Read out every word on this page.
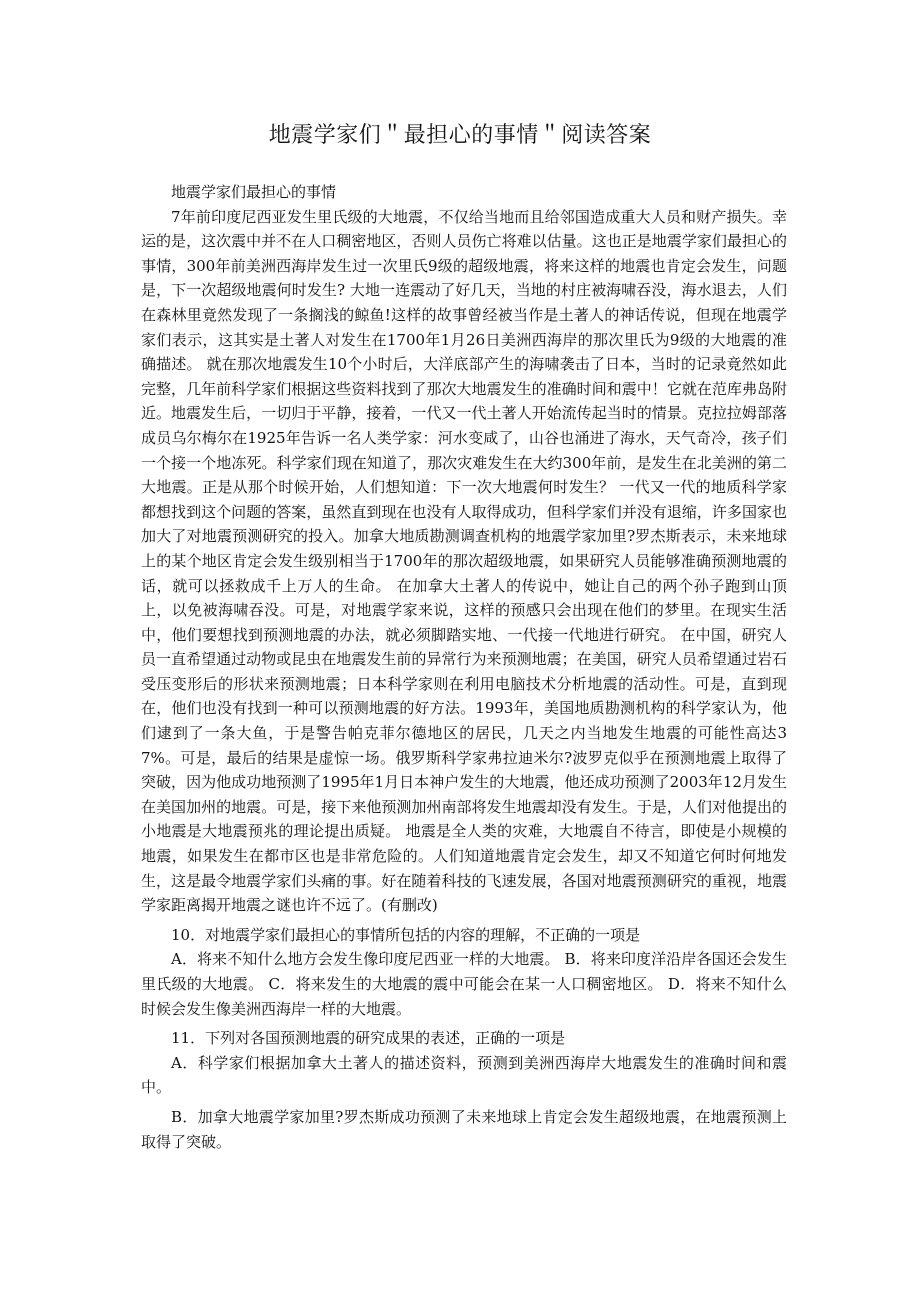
地震学家们＂最担心的事情＂阅读答案

地震学家们最担心的事情

7年前印度尼西亚发生里氏级的大地震，不仅给当地而且给邻国造成重大人员和财产损失。幸运的是，这次震中并不在人口稠密地区，否则人员伤亡将难以估量。这也正是地震学家们最担心的事情，300年前美洲西海岸发生过一次里氏9级的超级地震，将来这样的地震也肯定会发生，问题是，下一次超级地震何时发生? 大地一连震动了好几天，当地的村庄被海啸吞没，海水退去，人们在森林里竟然发现了一条搁浅的鲸鱼!这样的故事曾经被当作是土著人的神话传说，但现在地震学家们表示，这其实是土著人对发生在1700年1月26日美洲西海岸的那次里氏为9级的大地震的准确描述。 就在那次地震发生10个小时后，大洋底部产生的海啸袭击了日本，当时的记录竟然如此完整，几年前科学家们根据这些资料找到了那次大地震发生的准确时间和震中！它就在范库弗岛附近。地震发生后，一切归于平静，接着，一代又一代土著人开始流传起当时的情景。克拉拉姆部落成员乌尔梅尔在1925年告诉一名人类学家：河水变咸了，山谷也涌进了海水，天气奇冷，孩子们一个接一个地冻死。科学家们现在知道了，那次灾难发生在大约300年前，是发生在北美洲的第二大地震。正是从那个时候开始，人们想知道：下一次大地震何时发生？ 一代又一代的地质科学家都想找到这个问题的答案，虽然直到现在也没有人取得成功，但科学家们并没有退缩，许多国家也加大了对地震预测研究的投入。加拿大地质勘测调查机构的地震学家加里?罗杰斯表示，未来地球上的某个地区肯定会发生级别相当于1700年的那次超级地震，如果研究人员能够准确预测地震的话，就可以拯救成千上万人的生命。 在加拿大土著人的传说中，她让自己的两个孙子跑到山顶上，以免被海啸吞没。可是，对地震学家来说，这样的预感只会出现在他们的梦里。在现实生活中，他们要想找到预测地震的办法，就必须脚踏实地、一代接一代地进行研究。 在中国，研究人员一直希望通过动物或昆虫在地震发生前的异常行为来预测地震；在美国，研究人员希望通过岩石受压变形后的形状来预测地震；日本科学家则在利用电脑技术分析地震的活动性。可是，直到现在，他们也没有找到一种可以预测地震的好方法。1993年，美国地质勘测机构的科学家认为，他们逮到了一条大鱼，于是警告帕克菲尔德地区的居民，几天之内当地发生地震的可能性高达37%。可是，最后的结果是虚惊一场。俄罗斯科学家弗拉迪米尔?波罗克似乎在预测地震上取得了突破，因为他成功地预测了1995年1月日本神户发生的大地震，他还成功预测了2003年12月发生在美国加州的地震。可是，接下来他预测加州南部将发生地震却没有发生。于是，人们对他提出的小地震是大地震预兆的理论提出质疑。 地震是全人类的灾难，大地震自不待言，即使是小规模的地震，如果发生在都市区也是非常危险的。人们知道地震肯定会发生，却又不知道它何时何地发生，这是最令地震学家们头痛的事。好在随着科技的飞速发展，各国对地震预测研究的重视，地震学家距离揭开地震之谜也许不远了。(有删改)

10．对地震学家们最担心的事情所包括的内容的理解，不正确的一项是

A．将来不知什么地方会发生像印度尼西亚一样的大地震。 B．将来印度洋沿岸各国还会发生里氏级的大地震。 C．将来发生的大地震的震中可能会在某一人口稠密地区。 D．将来不知什么时候会发生像美洲西海岸一样的大地震。

11．下列对各国预测地震的研究成果的表述，正确的一项是

A．科学家们根据加拿大土著人的描述资料，预测到美洲西海岸大地震发生的准确时间和震中。

B．加拿大地震学家加里?罗杰斯成功预测了未来地球上肯定会发生超级地震，在地震预测上取得了突破。
